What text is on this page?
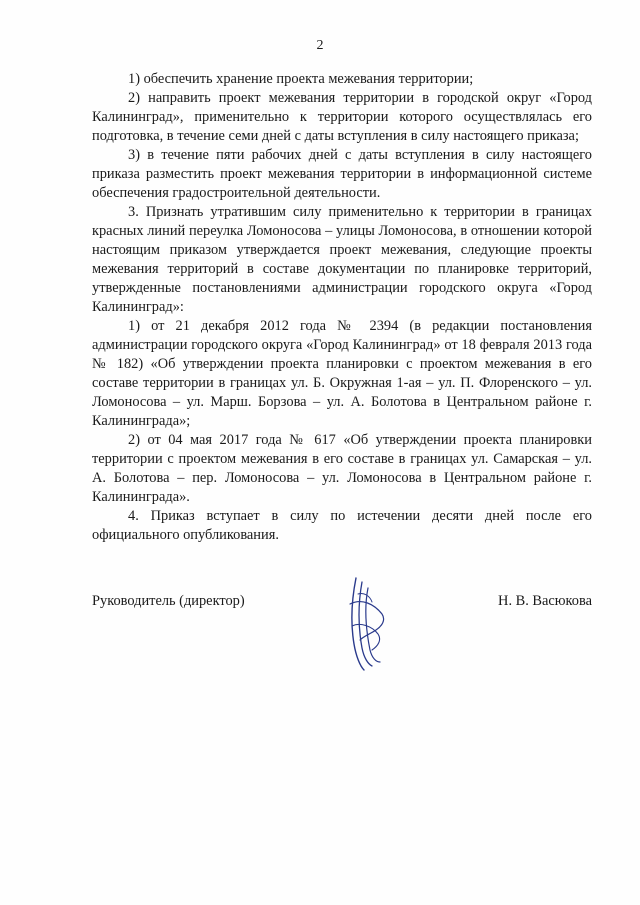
2

1) обеспечить хранение проекта межевания территории;

2) направить проект межевания территории в городской округ «Город Калининград», применительно к территории которого осуществлялась его подготовка, в течение семи дней с даты вступления в силу настоящего приказа;

3) в течение пяти рабочих дней с даты вступления в силу настоящего приказа разместить проект межевания территории в информационной системе обеспечения градостроительной деятельности.

3. Признать утратившим силу применительно к территории в границах красных линий переулка Ломоносова – улицы Ломоносова, в отношении которой настоящим приказом утверждается проект межевания, следующие проекты межевания территорий в составе документации по планировке территорий, утвержденные постановлениями администрации городского округа «Город Калининград»:

1) от 21 декабря 2012 года № 2394 (в редакции постановления администрации городского округа «Город Калининград» от 18 февраля 2013 года № 182) «Об утверждении проекта планировки с проектом межевания в его составе территории в границах ул. Б. Окружная 1-ая – ул. П. Флоренского – ул. Ломоносова – ул. Марш. Борзова – ул. А. Болотова в Центральном районе г. Калининграда»;

2) от 04 мая 2017 года № 617 «Об утверждении проекта планировки территории с проектом межевания в его составе в границах ул. Самарская – ул. А. Болотова – пер. Ломоносова – ул. Ломоносова в Центральном районе г. Калининграда».

4. Приказ вступает в силу по истечении десяти дней после его официального опубликования.

Руководитель (директор)	Н. В. Васюкова
